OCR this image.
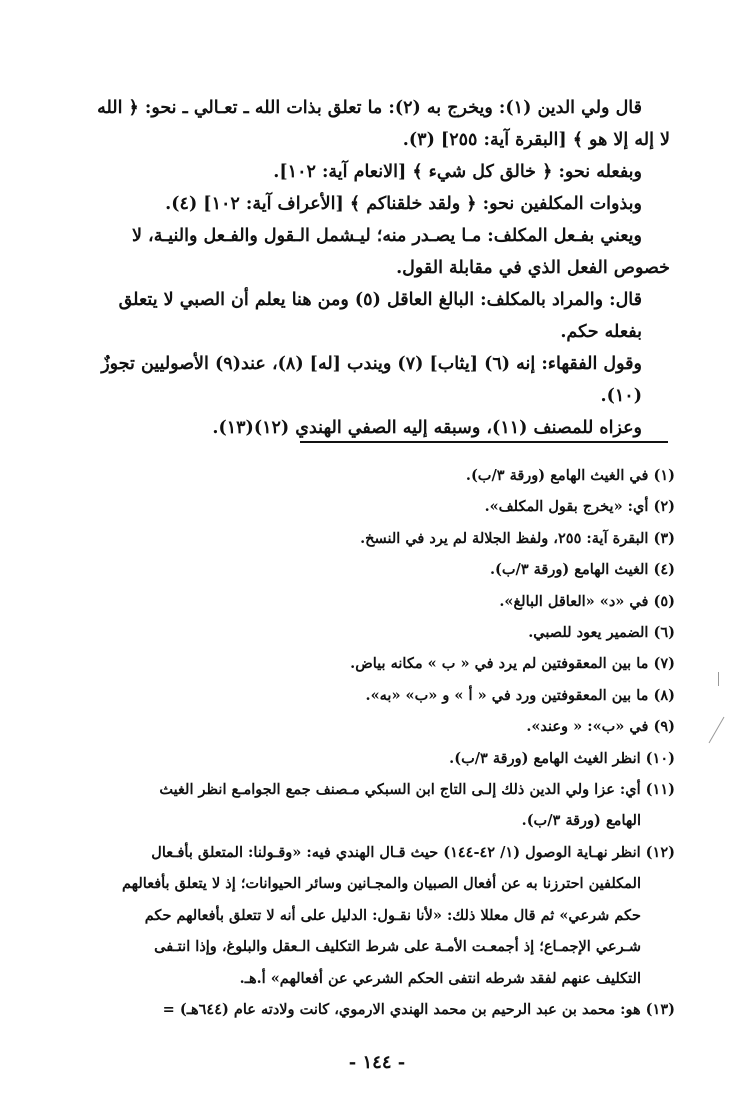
قال ولي الدين (١): ويخرج به (٢): ما تعلق بذات الله ـ تعـالي ـ نحو: ﴿ الله

لا إله إلا هو ﴾ [البقرة آية: ٢٥٥] (٣).

وبفعله نحو: ﴿ خالق كل شيء ﴾ [الانعام آية: ١٠٢].

وبذوات المكلفين نحو: ﴿ ولقد خلقناكم ﴾ [الأعراف آية: ١٠٢] (٤).

ويعني بفـعل المكلف: مـا يصـدر منه؛ ليـشمل الـقول والفـعل والنيـة، لا

خصوص الفعل الذي في مقابلة القول.

قال: والمراد بالمكلف: البالغ العاقل (٥) ومن هنا يعلم أن الصبي لا يتعلق بفعله حكم.

وقول الفقهاء: إنه (٦) [يثاب] (٧) ويندب [له] (٨)، عند(٩) الأصوليين تجوزٌ (١٠).

وعزاه للمصنف (١١)، وسبقه إليه الصفي الهندي (١٢)(١٣).

(١) في الغيث الهامع (ورقة ٣/ب).

(٢) أي: «يخرج بقول المكلف».

(٣) البقرة آية: ٢٥٥، ولفظ الجلالة لم يرد في النسخ.

(٤) الغيث الهامع (ورقة ٣/ب).

(٥) في «د» «العاقل البالغ».

(٦) الضمير يعود للصبي.

(٧) ما بين المعقوفتين لم يرد في « ب » مكانه بياض.

(٨) ما بين المعقوفتين ورد في « أ » و «ب» «به».

(٩) في «ب»: « وعند».

(١٠) انظر الغيث الهامع (ورقة ٣/ب).

(١١) أي: عزا ولي الدين ذلك إلـى التاج ابن السبكي مـصنف جمع الجوامـع انظر الغيث

الهامع (ورقة ٣/ب).

(١٢) انظر نهـاية الوصول (١/ ٤٢-١٤٤) حيث قـال الهندي فيه: «وقـولنا: المتعلق بأفـعال

المكلفين احترزنا به عن أفعال الصبيان والمجـانين وسائر الحيوانات؛ إذ لا يتعلق بأفعالهم

حكم شرعي» ثم قال معللا ذلك: «لأنا نقـول: الدليل على أنه لا تتعلق بأفعالهم حكم

شـرعي الإجمـاع؛ إذ أجمعـت الأمـة على شرط التكليف الـعقل والبلوغ، وإذا انتـفى

التكليف عنهم لفقد شرطه انتفى الحكم الشرعي عن أفعالهم» أ.هـ.

(١٣) هو: محمد بن عبد الرحيم بن محمد الهندي الارموي، كانت ولادته عام (٦٤٤هـ) =

- ١٤٤ -
